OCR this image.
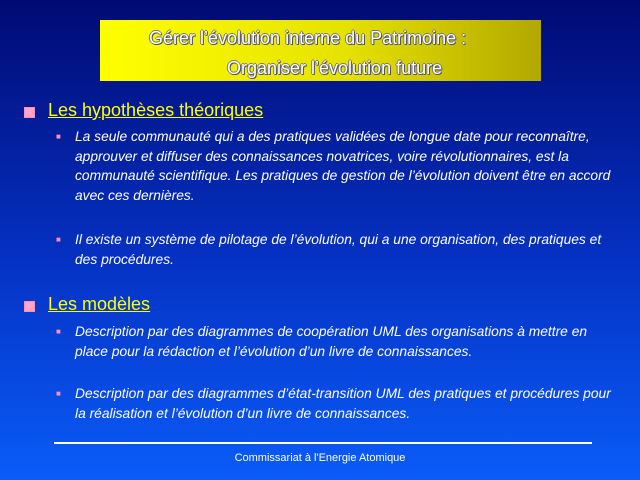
Gérer l’évolution interne du Patrimoine :
Organiser l’évolution future
Les hypothèses théoriques
■ La seule communauté qui a des pratiques validées de longue date pour reconnaître, approuver et diffuser des connaissances novatrices, voire révolutionnaires, est la communauté scientifique. Les pratiques de gestion de l’évolution doivent être en accord avec ces dernières.
■ Il existe un système de pilotage de l’évolution, qui a une organisation, des pratiques et des procédures.
Les modèles
■ Description par des diagrammes de coopération UML des organisations à mettre en place pour la rédaction et l’évolution d’un livre de connaissances.
■ Description par des diagrammes d’état-transition UML des pratiques et procédures pour la réalisation et l’évolution d’un livre de connaissances.
Commissariat à l'Energie Atomique
